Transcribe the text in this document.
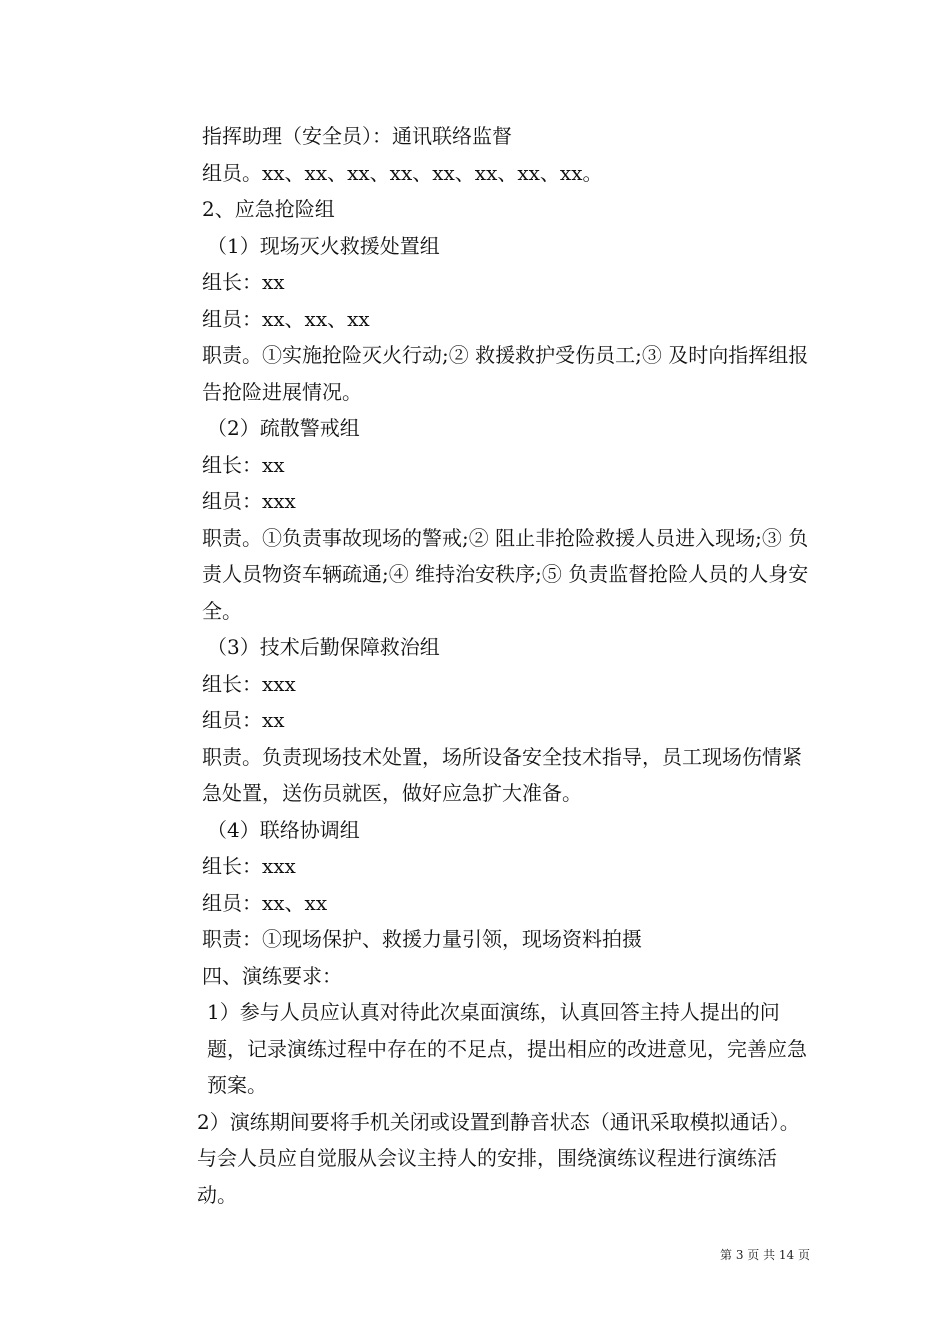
指挥助理（安全员）：通讯联络监督

组员。xx、xx、xx、xx、xx、xx、xx、xx。

2、应急抢险组

（1）现场灭火救援处置组

组长：xx

组员：xx、xx、xx

职责。①实施抢险灭火行动;② 救援救护受伤员工;③ 及时向指挥组报告抢险进展情况。

（2）疏散警戒组

组长：xx

组员：xxx

职责。①负责事故现场的警戒;② 阻止非抢险救援人员进入现场;③ 负责人员物资车辆疏通;④ 维持治安秩序;⑤ 负责监督抢险人员的人身安全。

（3）技术后勤保障救治组

组长：xxx

组员：xx

职责。负责现场技术处置，场所设备安全技术指导，员工现场伤情紧急处置，送伤员就医，做好应急扩大准备。

（4）联络协调组

组长：xxx

组员：xx、xx

职责：①现场保护、救援力量引领，现场资料拍摄

四、演练要求：

1）参与人员应认真对待此次桌面演练，认真回答主持人提出的问题，记录演练过程中存在的不足点，提出相应的改进意见，完善应急预案。

2）演练期间要将手机关闭或设置到静音状态（通讯采取模拟通话）。与会人员应自觉服从会议主持人的安排，围绕演练议程进行演练活动。

第 3 页 共 14 页
